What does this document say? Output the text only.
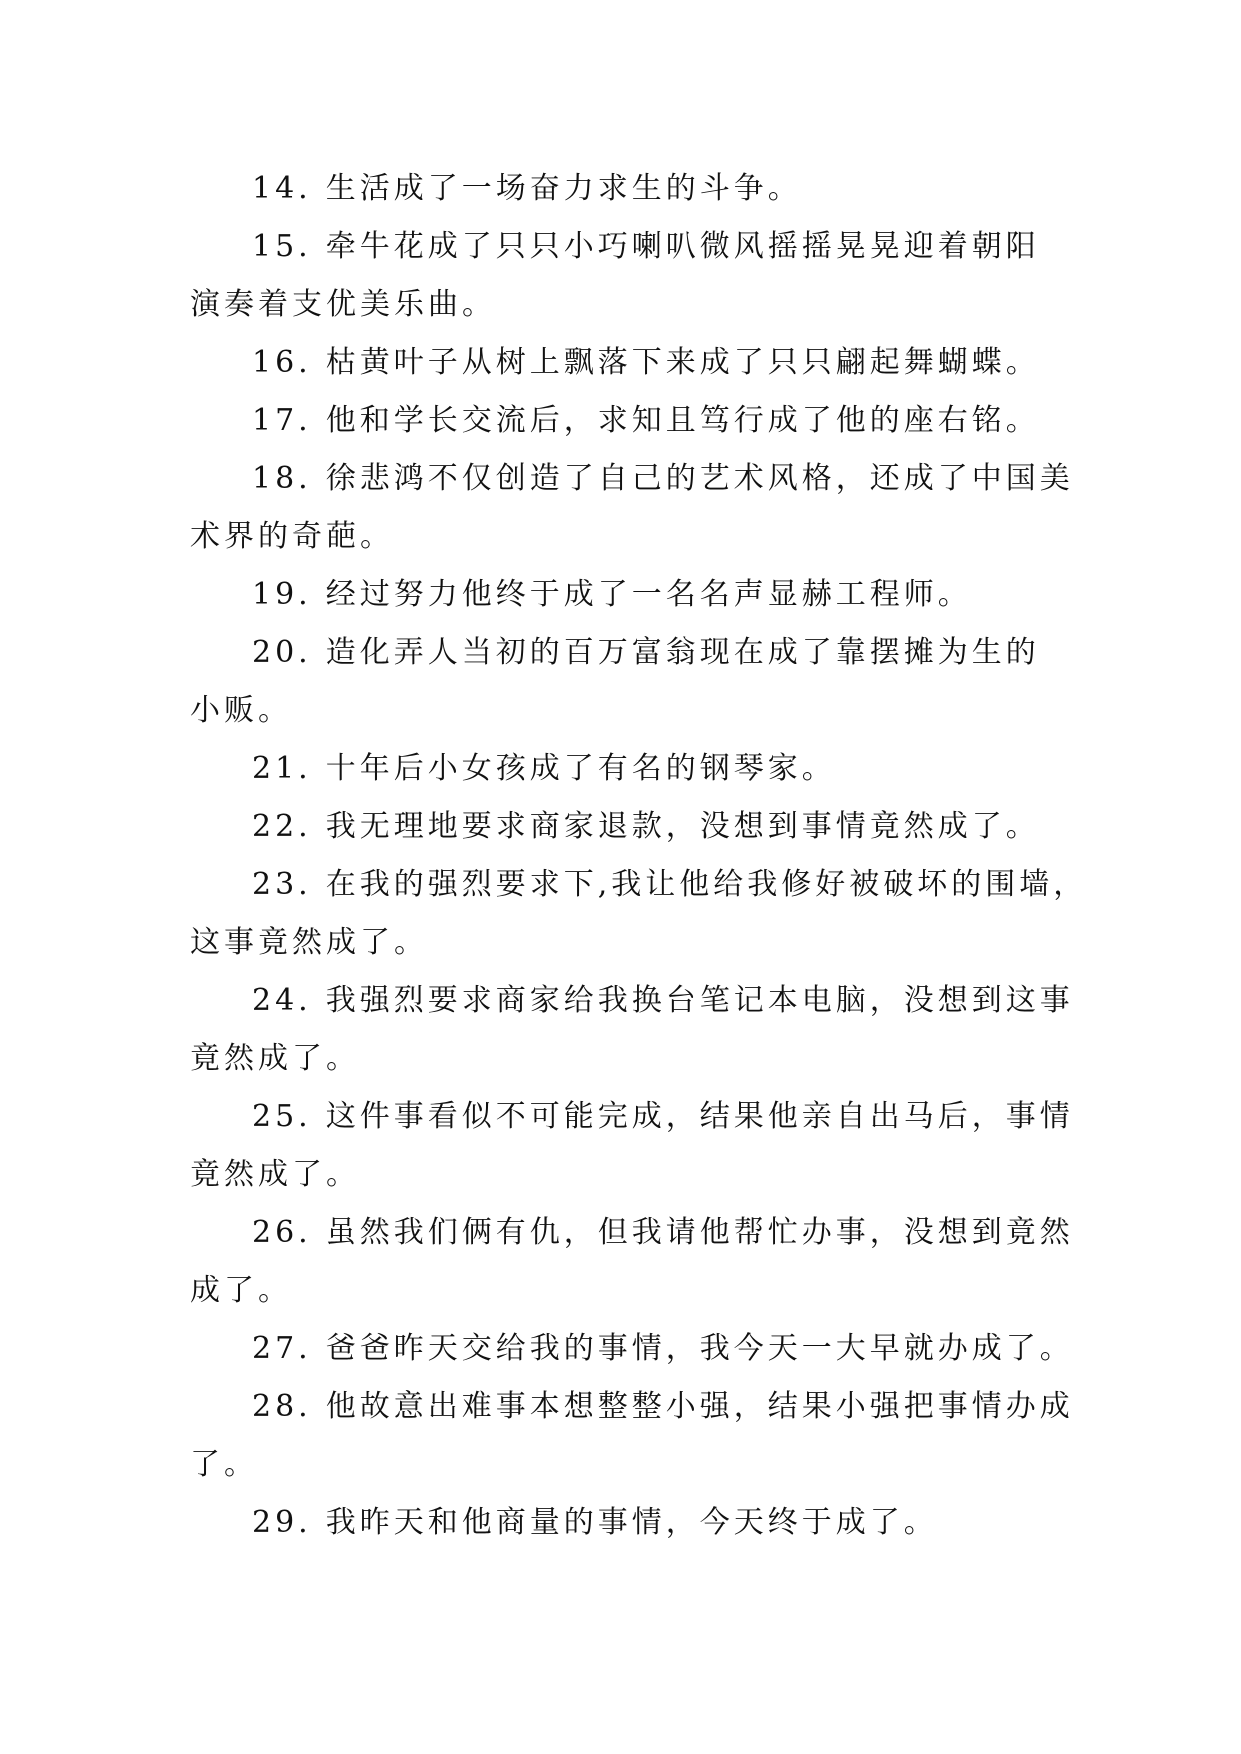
14. 生活成了一场奋力求生的斗争。
15. 牵牛花成了只只小巧喇叭微风摇摇晃晃迎着朝阳
演奏着支优美乐曲。
16. 枯黄叶子从树上飘落下来成了只只翩起舞蝴蝶。
17. 他和学长交流后，求知且笃行成了他的座右铭。
18. 徐悲鸿不仅创造了自己的艺术风格，还成了中国美
术界的奇葩。
19. 经过努力他终于成了一名名声显赫工程师。
20. 造化弄人当初的百万富翁现在成了靠摆摊为生的
小贩。
21. 十年后小女孩成了有名的钢琴家。
22. 我无理地要求商家退款，没想到事情竟然成了。
23. 在我的强烈要求下,我让他给我修好被破坏的围墙，
这事竟然成了。
24. 我强烈要求商家给我换台笔记本电脑，没想到这事
竟然成了。
25. 这件事看似不可能完成，结果他亲自出马后，事情
竟然成了。
26. 虽然我们俩有仇，但我请他帮忙办事，没想到竟然
成了。
27. 爸爸昨天交给我的事情，我今天一大早就办成了。
28. 他故意出难事本想整整小强，结果小强把事情办成
了。
29. 我昨天和他商量的事情，今天终于成了。
